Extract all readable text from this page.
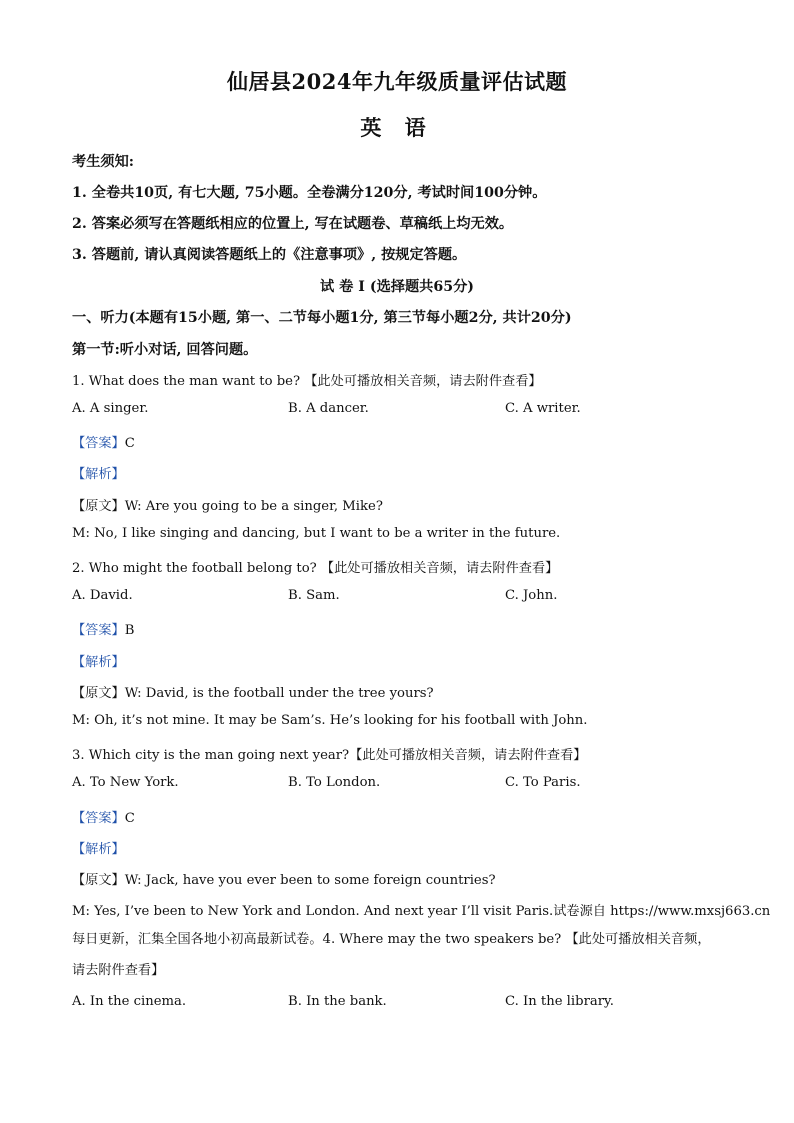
仙居县2024年九年级质量评估试题
英 语
考生须知:
1. 全卷共10页, 有七大题, 75小题。全卷满分120分, 考试时间100分钟。
2. 答案必须写在答题纸相应的位置上, 写在试题卷、草稿纸上均无效。
3. 答题前, 请认真阅读答题纸上的《注意事项》, 按规定答题。
试 卷 I (选择题共65分)
一、听力(本题有15小题, 第一、二节每小题1分, 第三节每小题2分, 共计20分)
第一节:听小对话, 回答问题。
1. What does the man want to be? 【此处可播放相关音频，请去附件查看】
A. A singer.	B. A dancer.	C. A writer.
【答案】C
【解析】
【原文】W: Are you going to be a singer, Mike?
M: No, I like singing and dancing, but I want to be a writer in the future.
2. Who might the football belong to? 【此处可播放相关音频，请去附件查看】
A. David.	B. Sam.	C. John.
【答案】B
【解析】
【原文】W: David, is the football under the tree yours?
M: Oh, it’s not mine. It may be Sam’s. He’s looking for his football with John.
3. Which city is the man going next year?【此处可播放相关音频，请去附件查看】
A. To New York.	B. To London.	C. To Paris.
【答案】C
【解析】
【原文】W: Jack, have you ever been to some foreign countries?
M: Yes, I’ve been to New York and London. And next year I’ll visit Paris.试卷源自 https://www.mxsj663.cn
每日更新，汇集全国各地小初高最新试卷。4. Where may the two speakers be? 【此处可播放相关音频，请去附件查看】
A. In the cinema.	B. In the bank.	C. In the library.
